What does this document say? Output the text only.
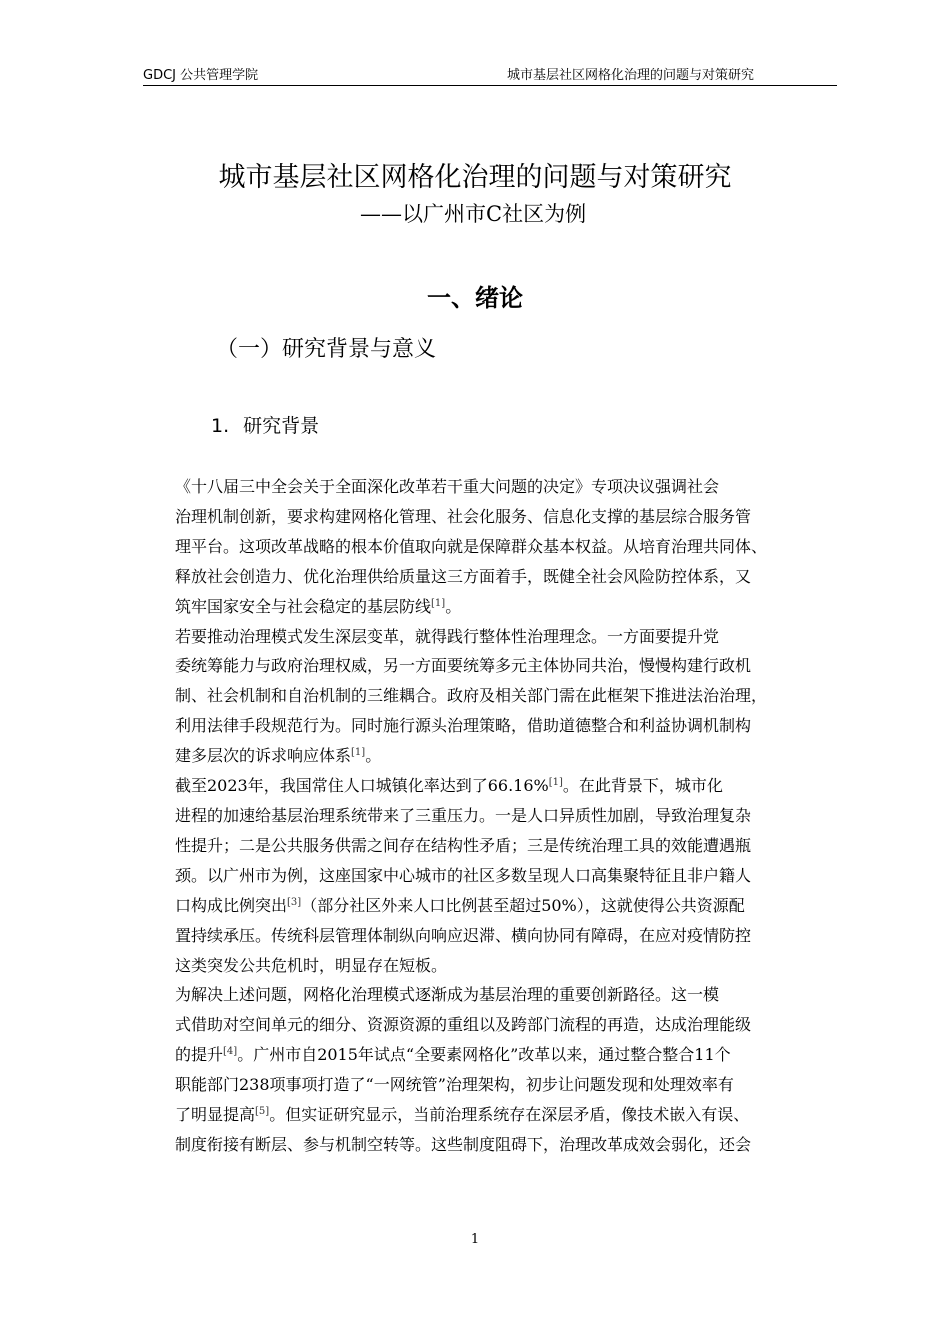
GDCJ 公共管理学院	城市基层社区网格化治理的问题与对策研究
城市基层社区网格化治理的问题与对策研究
——以广州市C社区为例
一、绪论
（一）研究背景与意义
1. 研究背景

《十八届三中全会关于全面深化改革若干重大问题的决定》专项决议强调社会
治理机制创新，要求构建网格化管理、社会化服务、信息化支撑的基层综合服务管
理平台。这项改革战略的根本价值取向就是保障群众基本权益。从培育治理共同体、
释放社会创造力、优化治理供给质量这三方面着手，既健全社会风险防控体系，又
筑牢国家安全与社会稳定的基层防线[1]。

若要推动治理模式发生深层变革，就得践行整体性治理理念。一方面要提升党
委统筹能力与政府治理权威，另一方面要统筹多元主体协同共治，慢慢构建行政机
制、社会机制和自治机制的三维耦合。政府及相关部门需在此框架下推进法治治理，
利用法律手段规范行为。同时施行源头治理策略，借助道德整合和利益协调机制构
建多层次的诉求响应体系[1]。

截至2023年，我国常住人口城镇化率达到了66.16%[1]。在此背景下，城市化
进程的加速给基层治理系统带来了三重压力。一是人口异质性加剧，导致治理复杂
性提升；二是公共服务供需之间存在结构性矛盾；三是传统治理工具的效能遭遇瓶
颈。以广州市为例，这座国家中心城市的社区多数呈现人口高集聚特征且非户籍人
口构成比例突出[3]（部分社区外来人口比例甚至超过50%），这就使得公共资源配
置持续承压。传统科层管理体制纵向响应迟滞、横向协同有障碍，在应对疫情防控
这类突发公共危机时，明显存在短板。

为解决上述问题，网格化治理模式逐渐成为基层治理的重要创新路径。这一模
式借助对空间单元的细分、资源资源的重组以及跨部门流程的再造，达成治理能级
的提升[4]。广州市自2015年试点“全要素网格化”改革以来，通过整合整合11个
职能部门238项事项打造了“一网统管”治理架构，初步让问题发现和处理效率有
了明显提高[5]。但实证研究显示，当前治理系统存在深层矛盾，像技术嵌入有误、
制度衔接有断层、参与机制空转等。这些制度阻碍下，治理改革成效会弱化，还会

1
